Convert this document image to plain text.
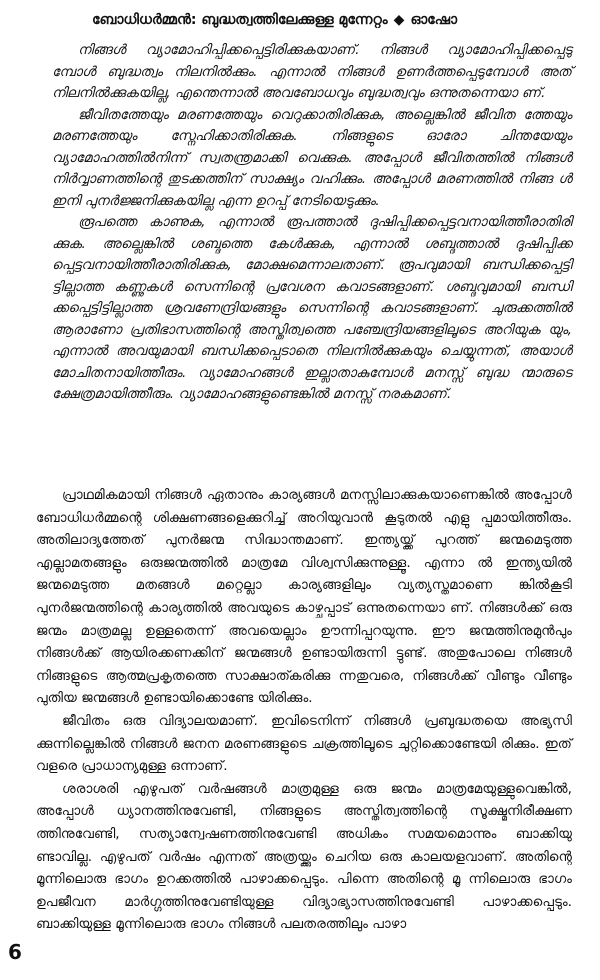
ബോധിധർമ്മൻ: ബുദ്ധത്വത്തിലേക്കുള്ള മുന്നേറ്റം ◆ ഓഷോ

നിങ്ങൾ വ്യാമോഹിപ്പിക്കപ്പെട്ടിരിക്കുകയാണ്. നിങ്ങൾ വ്യാമോഹിപ്പിക്കപ്പെടു മ്പോൾ ബുദ്ധത്വം നിലനിൽക്കും. എന്നാൽ നിങ്ങൾ ഉണർത്തപ്പെടുമ്പോൾ അത് നിലനിൽക്കുകയില്ല, എന്തെന്നാൽ അവബോധവും ബുദ്ധത്വവും ഒന്നുതന്നെയാ ണ്.

ജീവിതത്തേയും മരണത്തേയും വെറുക്കാതിരിക്കുക, അല്ലെങ്കിൽ ജീവിത ത്തേയും മരണത്തേയും സ്നേഹിക്കാതിരിക്കുക. നിങ്ങളുടെ ഓരോ ചിന്തയേയും വ്യാമോഹത്തിൽനിന്ന് സ്വതന്ത്രമാക്കി വെക്കുക. അപ്പോൾ ജീവിതത്തിൽ നിങ്ങൾ നിർവ്വാണത്തിന്റെ തുടക്കത്തിന് സാക്ഷ്യം വഹിക്കും. അപ്പോൾ മരണത്തിൽ നിങ്ങ ൾ ഇനി പുനർജ്ജനിക്കുകയില്ല എന്ന ഉറപ്പ് നേടിയെടുക്കും.

രൂപത്തെ കാണുക, എന്നാൽ രൂപത്താൽ ദുഷിപ്പിക്കപ്പെട്ടവനായിത്തീരാതിരി ക്കുക. അല്ലെങ്കിൽ ശബ്ദത്തെ കേൾക്കുക, എന്നാൽ ശബ്ദത്താൽ ദുഷിപ്പിക്ക പ്പെട്ടവനായിത്തീരാതിരിക്കുക, മോക്ഷമെന്നാലതാണ്. രൂപവുമായി ബന്ധിക്കപ്പെട്ടി ട്ടില്ലാത്ത കണ്ണുകൾ സെന്നിന്റെ പ്രവേശന കവാടങ്ങളാണ്. ശബ്ദവുമായി ബന്ധി ക്കപ്പെട്ടിട്ടില്ലാത്ത ശ്രവണേന്ദ്രിയങ്ങളും സെന്നിന്റെ കവാടങ്ങളാണ്. ചുരുക്കത്തിൽ ആരാണോ പ്രതിഭാസത്തിന്റെ അസ്തിത്വത്തെ പഞ്ചേന്ദ്രിയങ്ങളിലൂടെ അറിയുക യും, എന്നാൽ അവയുമായി ബന്ധിക്കപ്പെടാതെ നിലനിൽക്കുകയും ചെയ്യുന്നത്, അയാൾ മോചിതനായിത്തീരും. വ്യാമോഹങ്ങൾ ഇല്ലാതാകുമ്പോൾ മനസ്സ് ബുദ്ധ ന്മാരുടെ ക്ഷേത്രമായിത്തീരും. വ്യാമോഹങ്ങളുണ്ടെങ്കിൽ മനസ്സ് നരകമാണ്.

പ്രാഥമികമായി നിങ്ങൾ ഏതാനും കാര്യങ്ങൾ മനസ്സിലാക്കുകയാണെങ്കിൽ അപ്പോൾ ബോധിധർമ്മന്റെ ശിക്ഷണങ്ങളെക്കുറിച്ച് അറിയുവാൻ കൂടുതൽ എളു പ്പമായിത്തീരും. അതിലാദ്യത്തേത് പുനർജന്മ സിദ്ധാന്തമാണ്. ഇന്ത്യയ്ക്ക് പുറത്ത് ജന്മമെടുത്ത എല്ലാമതങ്ങളും ഒരുജന്മത്തിൽ മാത്രമേ വിശ്വസിക്കുന്നുള്ളൂ. എന്നാ ൽ ഇന്ത്യയിൽ ജന്മമെടുത്ത മതങ്ങൾ മറ്റെല്ലാ കാര്യങ്ങളിലും വ്യത്യസ്തമാണെ ങ്കിൽകൂടി പുനർജന്മത്തിന്റെ കാര്യത്തിൽ അവയുടെ കാഴ്ചപ്പാട് ഒന്നുതന്നെയാ ണ്. നിങ്ങൾക്ക് ഒരു ജന്മം മാത്രമല്ല ഉള്ളതെന്ന് അവയെല്ലാം ഊന്നിപ്പറയുന്നു. ഈ ജന്മത്തിനുമുൻപും നിങ്ങൾക്ക് ആയിരക്കണക്കിന് ജന്മങ്ങൾ ഉണ്ടായിരുന്നി ട്ടുണ്ട്. അതുപോലെ നിങ്ങൾ നിങ്ങളുടെ ആത്മപ്രകൃതത്തെ സാക്ഷാത്കരിക്കു ന്നതുവരെ, നിങ്ങൾക്ക് വീണ്ടും വീണ്ടും പുതിയ ജന്മങ്ങൾ ഉണ്ടായിക്കൊണ്ടേ യിരിക്കും.

ജീവിതം ഒരു വിദ്യാലയമാണ്. ഇവിടെനിന്ന് നിങ്ങൾ പ്രബുദ്ധതയെ അഭ്യസി ക്കുന്നില്ലെങ്കിൽ നിങ്ങൾ ജനന മരണങ്ങളുടെ ചക്രത്തിലൂടെ ചുറ്റിക്കൊണ്ടേയി രിക്കും. ഇത് വളരെ പ്രാധാന്യമുള്ള ഒന്നാണ്.

ശരാശരി എഴുപത് വർഷങ്ങൾ മാത്രമുള്ള ഒരു ജന്മം മാത്രമേയുള്ളുവെങ്കിൽ, അപ്പോൾ ധ്യാനത്തിനുവേണ്ടി, നിങ്ങളുടെ അസ്തിത്വത്തിന്റെ സൂക്ഷ്മനിരീക്ഷണ ത്തിനുവേണ്ടി, സത്യാന്വേഷണത്തിനുവേണ്ടി അധികം സമയമൊന്നും ബാക്കിയു ണ്ടാവില്ല. എഴുപത് വർഷം എന്നത് അത്രയ്ക്കും ചെറിയ ഒരു കാലയളവാണ്. അതിന്റെ മൂന്നിലൊരു ഭാഗം ഉറക്കത്തിൽ പാഴാക്കപ്പെടും. പിന്നെ അതിന്റെ മൂ ന്നിലൊരു ഭാഗം ഉപജീവന മാർഗ്ഗത്തിനുവേണ്ടിയുള്ള വിദ്യാഭ്യാസത്തിനുവേണ്ടി പാഴാക്കപ്പെടും. ബാക്കിയുള്ള മൂന്നിലൊരു ഭാഗം നിങ്ങൾ പലതരത്തിലും പാഴാ

6
